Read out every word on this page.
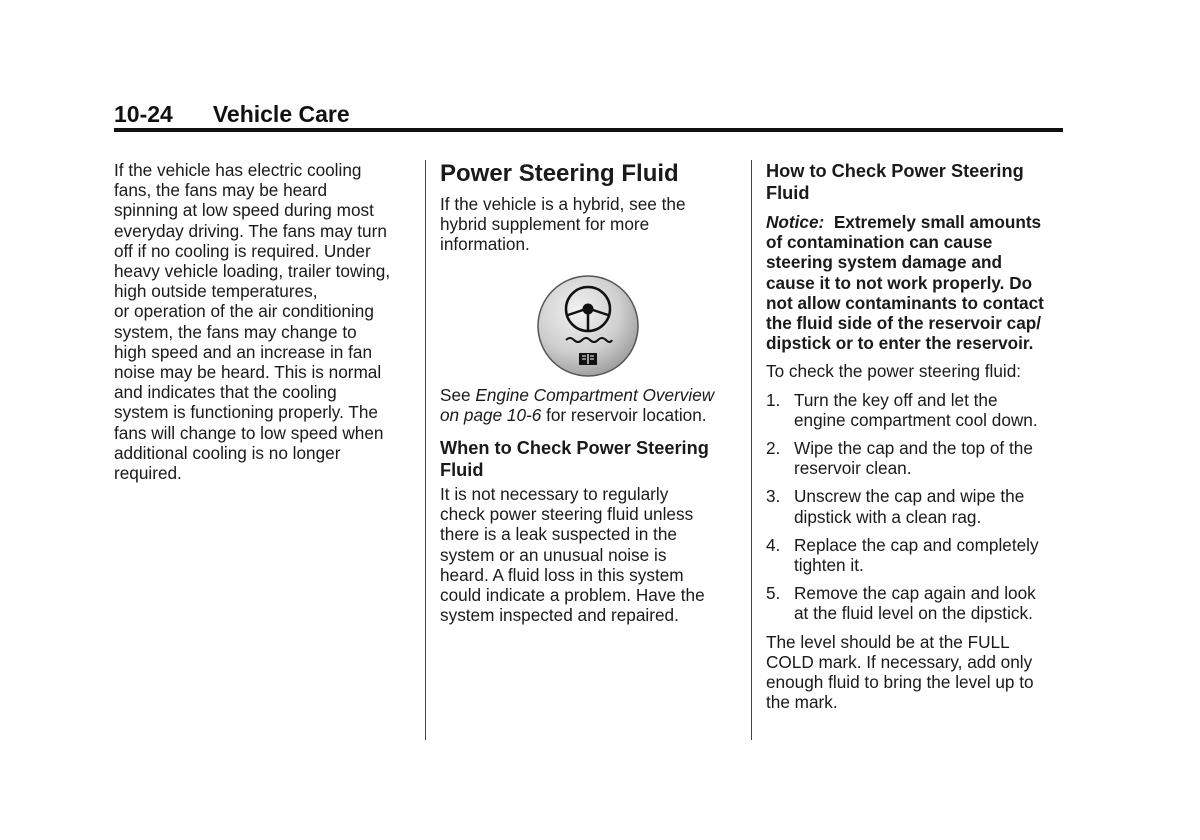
10-24 Vehicle Care
If the vehicle has electric cooling
fans, the fans may be heard
spinning at low speed during most
everyday driving. The fans may turn
off if no cooling is required. Under
heavy vehicle loading, trailer towing,
high outside temperatures,
or operation of the air conditioning
system, the fans may change to
high speed and an increase in fan
noise may be heard. This is normal
and indicates that the cooling
system is functioning properly. The
fans will change to low speed when
additional cooling is no longer
required.
Power Steering Fluid
If the vehicle is a hybrid, see the
hybrid supplement for more
information.
See Engine Compartment Overview
on page 10-6 for reservoir location.
When to Check Power Steering
Fluid
It is not necessary to regularly
check power steering fluid unless
there is a leak suspected in the
system or an unusual noise is
heard. A fluid loss in this system
could indicate a problem. Have the
system inspected and repaired.
How to Check Power Steering
Fluid
Notice:  Extremely small amounts
of contamination can cause
steering system damage and
cause it to not work properly. Do
not allow contaminants to contact
the fluid side of the reservoir cap/
dipstick or to enter the reservoir.

To check the power steering fluid:

1. Turn the key off and let the
engine compartment cool down.
2. Wipe the cap and the top of the
reservoir clean.
3. Unscrew the cap and wipe the
dipstick with a clean rag.
4. Replace the cap and completely
tighten it.
5. Remove the cap again and look
at the fluid level on the dipstick.
The level should be at the FULL
COLD mark. If necessary, add only
enough fluid to bring the level up to
the mark.
